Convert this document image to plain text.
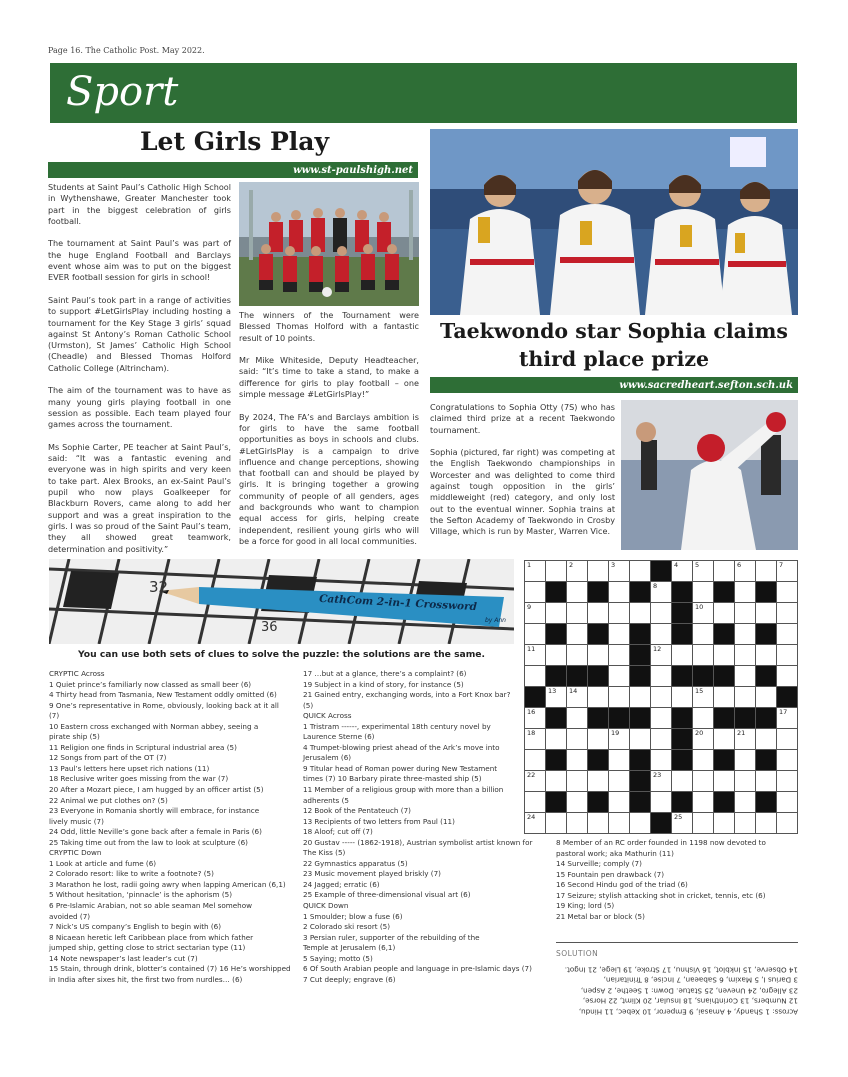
Page 16. The Catholic Post. May 2022.
Sport
Let Girls Play
www.st-paulshigh.net
Students at Saint Paul’s Catholic High School in Wythenshawe, Greater Manchester took part in the biggest celebration of girls football.

The tournament at Saint Paul’s was part of the huge England Football and Barclays event whose aim was to put on the biggest EVER football session for girls in school!

Saint Paul’s took part in a range of activities to support #LetGirlsPlay including hosting a tournament for the Key Stage 3 girls’ squad against St Antony’s Roman Catholic School (Urmston), St James’ Catholic High School (Cheadle) and Blessed Thomas Holford Catholic College (Altrincham).

The aim of the tournament was to have as many young girls playing football in one session as possible. Each team played four games across the tournament.

Ms Sophie Carter, PE teacher at Saint Paul’s, said: “It was a fantastic evening and everyone was in high spirits and very keen to take part. Alex Brooks, an ex-Saint Paul’s pupil who now plays Goalkeeper for Blackburn Rovers, came along to add her support and was a great inspiration to the girls. I was so proud of the Saint Paul’s team, they all showed great teamwork, determination and positivity.”
The winners of the Tournament were Blessed Thomas Holford with a fantastic result of 10 points.

Mr Mike Whiteside, Deputy Headteacher, said: “It’s time to take a stand, to make a difference for girls to play football – one simple message #LetGirlsPlay!”

By 2024, The FA’s and Barclays ambition is for girls to have the same football opportunities as boys in schools and clubs. #LetGirlsPlay is a campaign to drive influence and change perceptions, showing that football can and should be played by girls. It is bringing together a growing community of people of all genders, ages and backgrounds who want to champion equal access for girls, helping create independent, resilient young girls who will be a force for good in all local communities.
Taekwondo star Sophia claims
third place prize
www.sacredheart.sefton.sch.uk
Congratulations to Sophia Otty (7S) who has claimed third prize at a recent Taekwondo tournament.

Sophia (pictured, far right) was competing at the English Taekwondo championships in Worcester and was delighted to come third against tough opposition in the girls’ middleweight (red) category, and only lost out to the eventual winner. Sophia trains at the Sefton Academy of Taekwondo in Crosby Village, which is run by Master, Warren Vice.
32
36
CathCom 2-in-1 Crossword
by Ann
You can use both sets of clues to solve the puzzle: the solutions are the same.
CRYPTIC Across
1 Quiet prince’s familiarly now classed as small beer (6)
4 Thirty head from Tasmania, New Testament oddly omitted (6)
9 One’s representative in Rome, obviously, looking back at it all
(7)
10 Eastern cross exchanged with Norman abbey, seeing a
pirate ship (5)
11 Religion one finds in Scriptural industrial area (5)
12 Songs from part of the OT (7)
13 Paul’s letters here upset rich nations (11)
18 Reclusive writer goes missing from the war (7)
20 After a Mozart piece, I am hugged by an officer artist (5)
22 Animal we put clothes on? (5)
23 Everyone in Romania shortly will embrace, for instance
lively music (7)
24 Odd, little Neville’s gone back after a female in Paris (6)
25 Taking time out from the law to look at sculpture (6)
CRYPTIC Down
1 Look at article and fume (6)
2 Colorado resort: like to write a footnote? (5)
3 Marathon he lost, radii going awry when lapping American (6,1)
5 Without hesitation, ‘pinnacle’ is the aphorism (5)
6 Pre-Islamic Arabian, not so able seaman Mel somehow
avoided (7)
7 Nick’s US company’s English to begin with (6)
8 Nicaean heretic left Caribbean place from which father
jumped ship, getting close to strict sectarian type (11)
14 Note newspaper’s last leader’s cut (7)
15 Stain, through drink, blotter’s contained (7) 16 He’s worshipped
in India after sixes hit, the first two from nurdles… (6)
17 …but at a glance, there’s a complaint? (6)
19 Subject in a kind of story, for instance (5)
21 Gained entry, exchanging words, into a Fort Knox bar?
(5)
QUICK Across
1 Tristram ------, experimental 18th century novel by
Laurence Sterne (6)
4 Trumpet-blowing priest ahead of the Ark’s move into
Jerusalem (6)
9 Titular head of Roman power during New Testament
times (7) 10 Barbary pirate three-masted ship (5)
11 Member of a religious group with more than a billion
adherents (5
12 Book of the Pentateuch (7)
13 Recipients of two letters from Paul (11)
18 Aloof; cut off (7)
20 Gustav ----- (1862-1918), Austrian symbolist artist known for
The Kiss (5)
22 Gymnastics apparatus (5)
23 Music movement played briskly (7)
24 Jagged; erratic (6)
25 Example of three-dimensional visual art (6)
QUICK Down
1 Smoulder; blow a fuse (6)
2 Colorado ski resort (5)
3 Persian ruler, supporter of the rebuilding of the
Temple at Jerusalem (6,1)
5 Saying; motto (5)
6 Of South Arabian people and language in pre-Islamic days (7)
7 Cut deeply; engrave (6)
8 Member of an RC order founded in 1198 now devoted to
pastoral work; aka Mathurin (11)
14 Surveille; comply (7)
15 Fountain pen drawback (7)
16 Second Hindu god of the triad (6)
17 Seizure; stylish attacking shot in cricket, tennis, etc (6)
19 King; lord (5)
21 Metal bar or block (5)
1		2		3			4	5		6		7

						8						

9								10				

11						12						

	13	14						15				

16												17

18				19				20		21		

22						23						

24							25					

SOLUTION
Across: 1 Shandy, 4 Amasai, 9 Emperor, 10 Xebec, 11 Hindu,
12 Numbers, 13 Corinthians, 18 Insular, 20 Klimt, 22 Horse,
23 Allegro, 24 Uneven, 25 Statue. Down: 1 Seethe, 2 Aspen,
3 Darius I, 5 Maxim, 6 Sabaean, 7 Incise, 8 Trinitarian,
14 Observe, 15 Inkblot, 16 Vishnu, 17 Stroke, 19 Liege, 21 Ingot.
